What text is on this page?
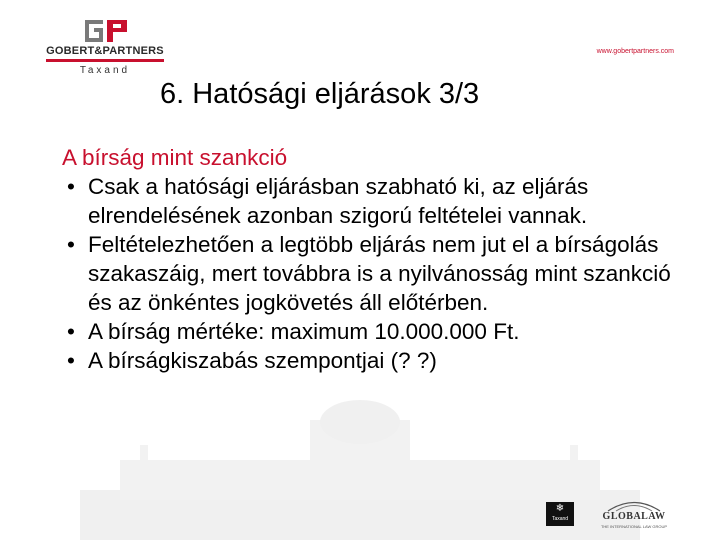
GOBERT&PARTNERS
Taxand
www.gobertpartners.com
6. Hatósági eljárások 3/3

A bírság mint szankció

• Csak a hatósági eljárásban szabható ki, az eljárás elrendelésének azonban szigorú feltételei vannak.
• Feltételezhetően a legtöbb eljárás nem jut el a bírságolás szakaszáig, mert továbbra is a nyilvánosság mint szankció és az önkéntes jogkövetés áll előtérben.
• A bírság mértéke: maximum 10.000.000 Ft.
• A bírságkiszabás szempontjai (? ?)
❄
Taxand	GLOBALAW
THE INTERNATIONAL LAW GROUP
